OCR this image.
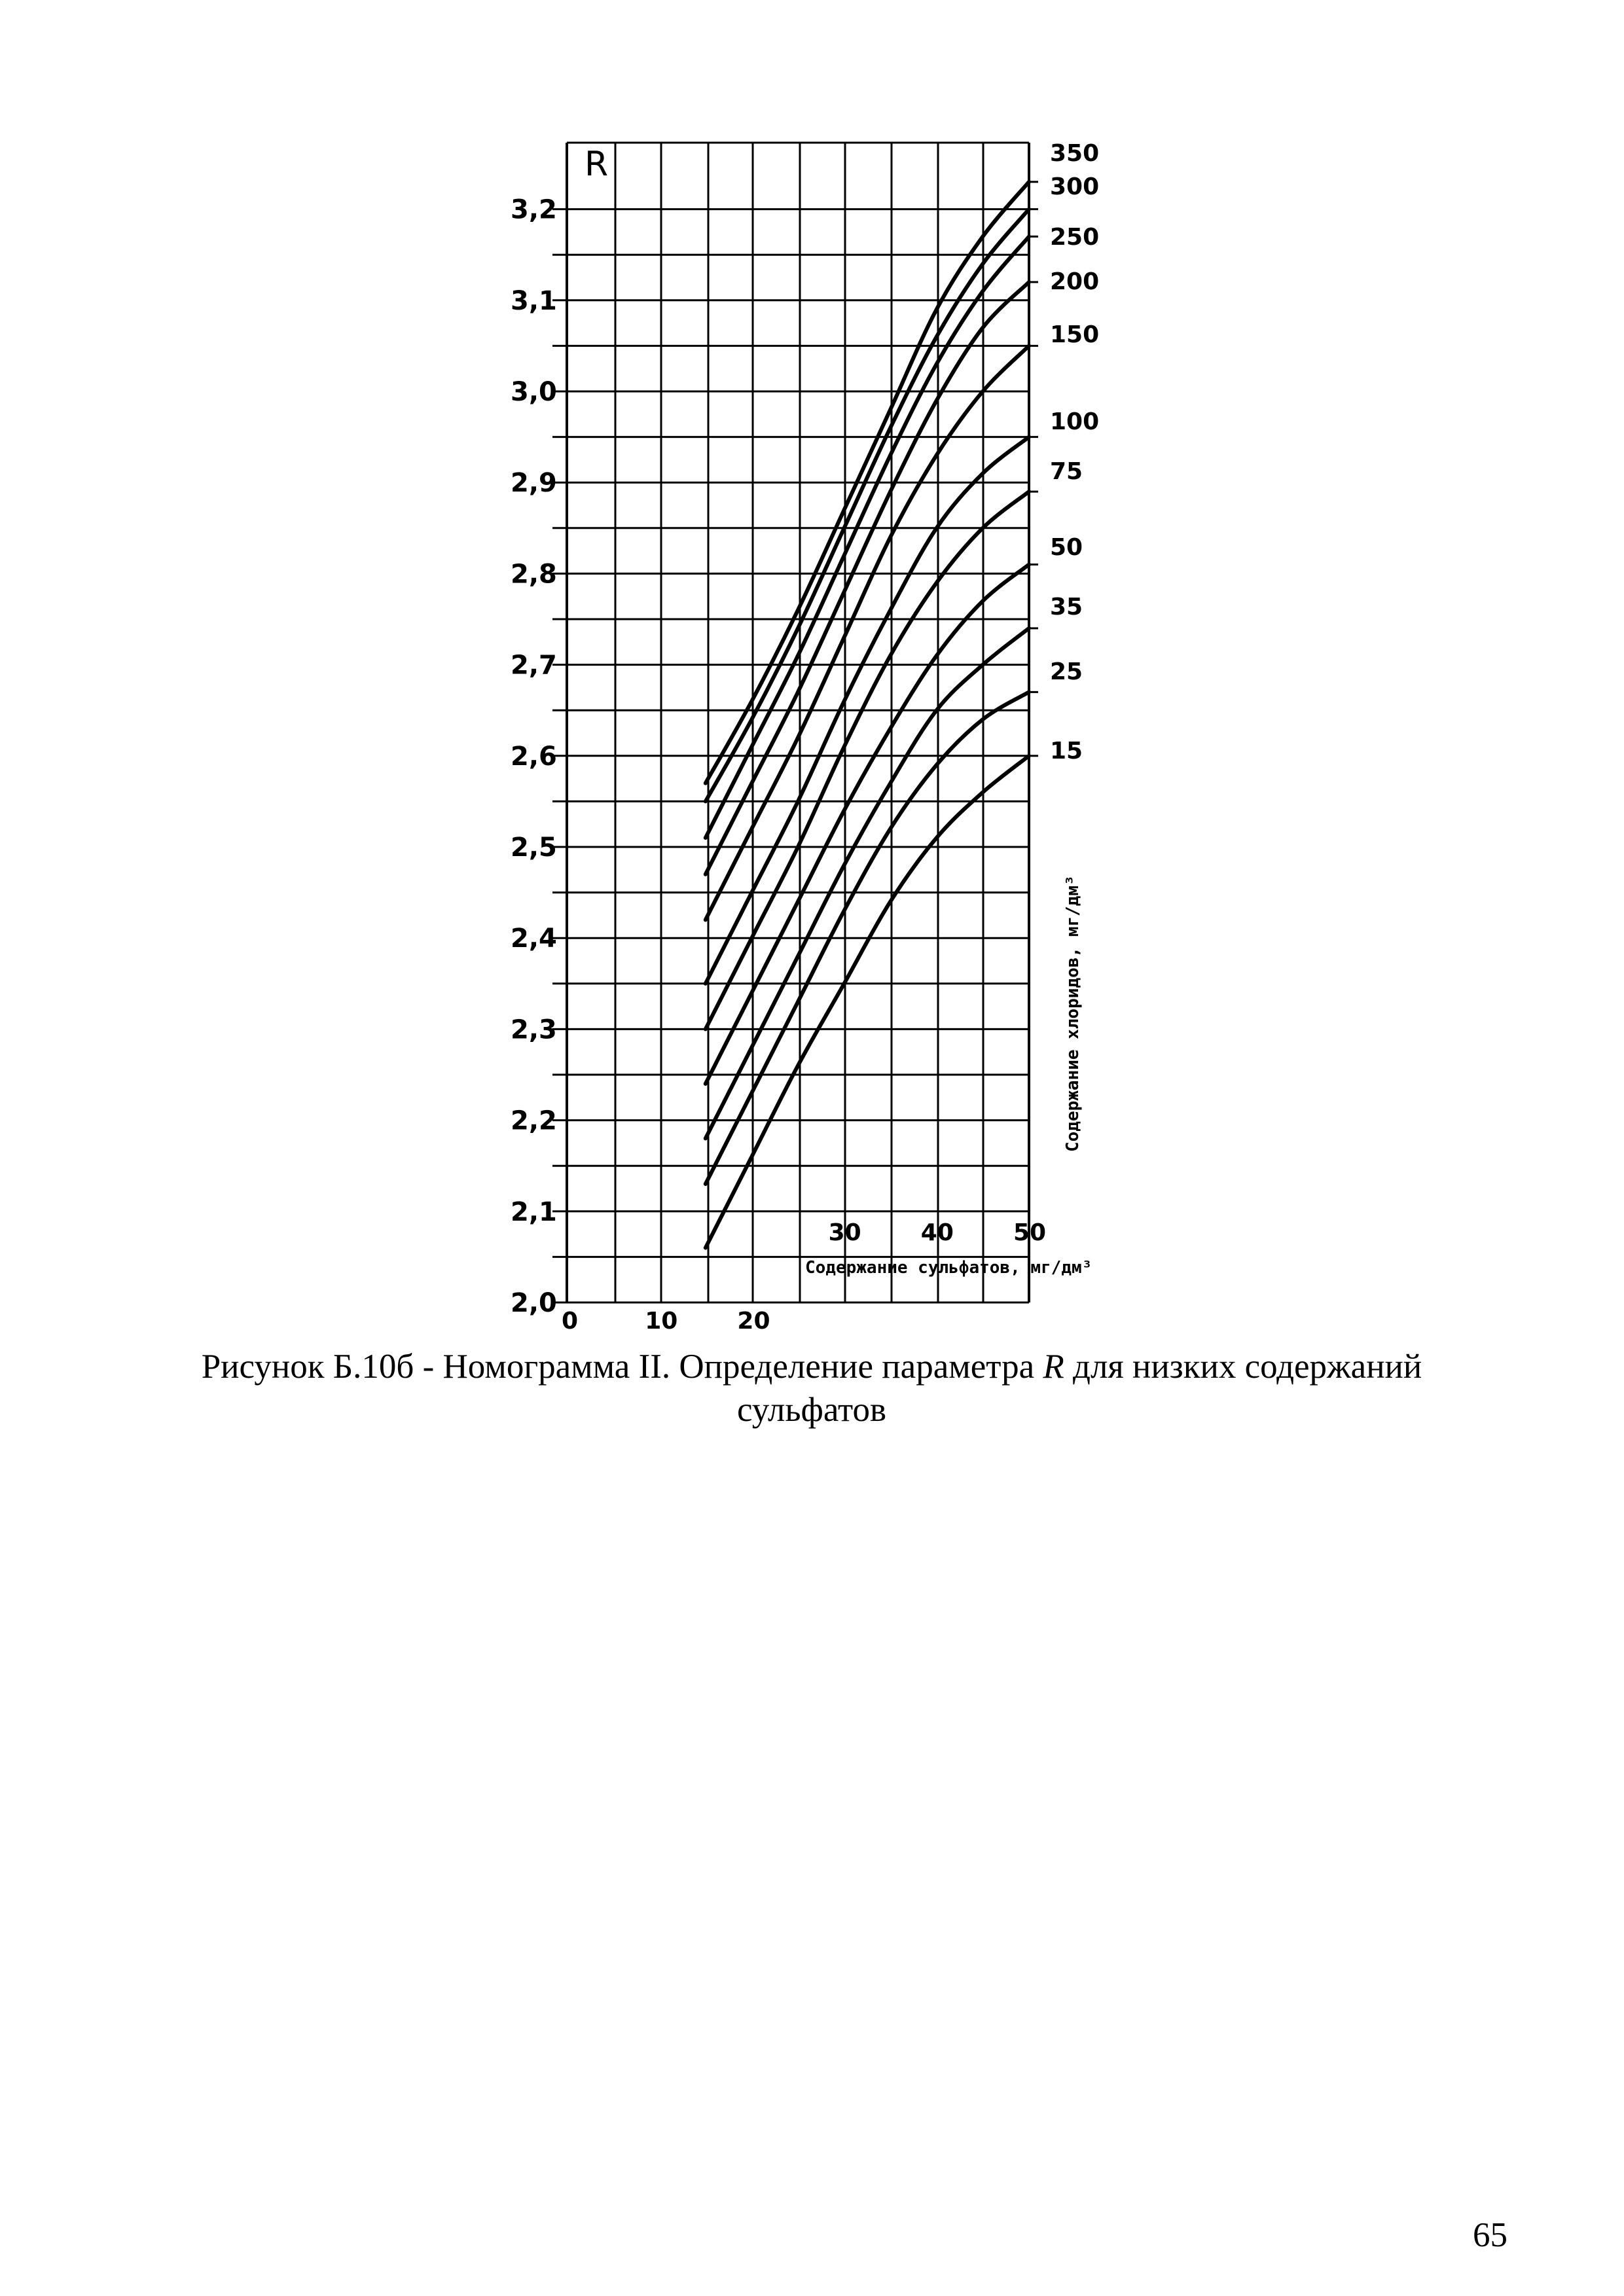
3,2
3,1
3,0
2,9
2,8
2,7
2,6
2,5
2,4
2,3
2,2
2,1
2,0
350
300
250
200
150
100
75
50
35
25
15
0	10	20
30	40	50
R
Содержание сульфатов, мг/дм³
Содержание хлоридов, мг/дм³
Рисунок Б.10б - Номограмма II. Определение параметра R для низких содержаний
сульфатов
65
